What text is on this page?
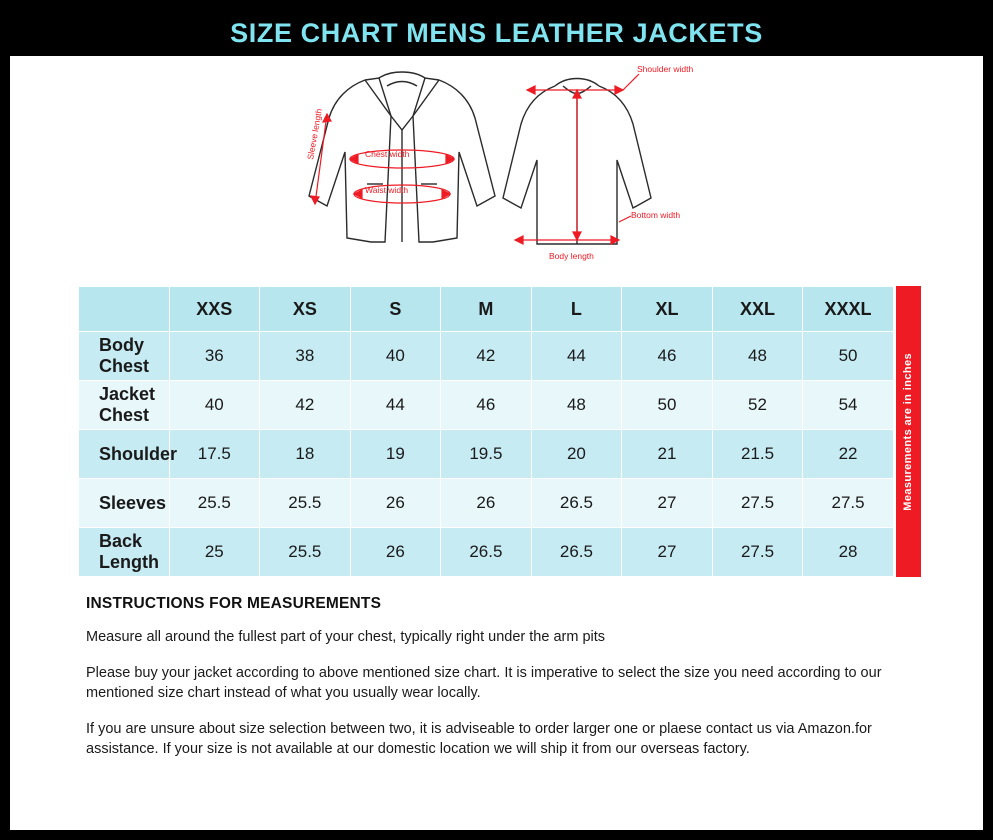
SIZE CHART MENS LEATHER JACKETS
Sleeve length	Chest width
Waist width
Shoulder width
Bottom width
Body length
	XXS	XS	S	M	L	XL	XXL	XXXL
Body Chest	36	38	40	42	44	46	48	50
Jacket Chest	40	42	44	46	48	50	52	54
Shoulder	17.5	18	19	19.5	20	21	21.5	22
Sleeves	25.5	25.5	26	26	26.5	27	27.5	27.5
Back Length	25	25.5	26	26.5	26.5	27	27.5	28
Measurements are in inches
INSTRUCTIONS FOR MEASUREMENTS

Measure all around the fullest part of your chest, typically right under the arm pits

Please buy your jacket according to above mentioned size chart. It is imperative to select the size you need according to our mentioned size chart instead of what you usually wear locally.

If you are unsure about size selection between two, it is adviseable to order larger one or plaese contact us via Amazon.for assistance. If your size is not available at our domestic location we will ship it from our overseas factory.
